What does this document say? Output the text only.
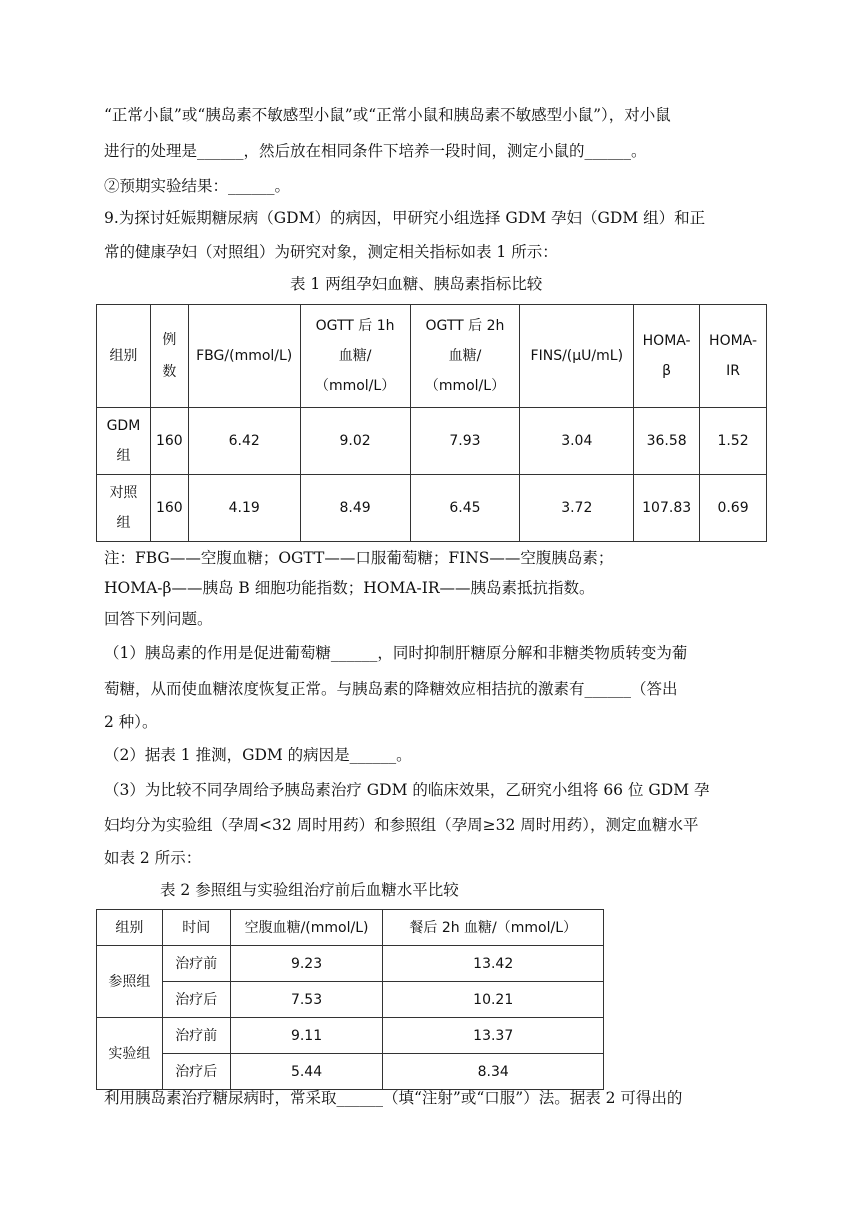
“正常小鼠”或“胰岛素不敏感型小鼠”或“正常小鼠和胰岛素不敏感型小鼠”），对小鼠
进行的处理是______，然后放在相同条件下培养一段时间，测定小鼠的______。
②预期实验结果：______。
9.为探讨妊娠期糖尿病（GDM）的病因，甲研究小组选择 GDM 孕妇（GDM 组）和正
常的健康孕妇（对照组）为研究对象，测定相关指标如表 1 所示：
表 1 两组孕妇血糖、胰岛素指标比较
组别	例数	FBG/(mmol/L)	OGTT 后 1h 血糖/（mmol/L）	OGTT 后 2h 血糖/（mmol/L）	FINS/(μU/mL)	HOMA-β	HOMA-IR
GDM 组	160	6.42	9.02	7.93	3.04	36.58	1.52
对照组	160	4.19	8.49	6.45	3.72	107.83	0.69
注：FBG——空腹血糖；OGTT——口服葡萄糖；FINS——空腹胰岛素；
HOMA-β——胰岛 B 细胞功能指数；HOMA-IR——胰岛素抵抗指数。
回答下列问题。
（1）胰岛素的作用是促进葡萄糖______，同时抑制肝糖原分解和非糖类物质转变为葡
萄糖，从而使血糖浓度恢复正常。与胰岛素的降糖效应相拮抗的激素有______（答出
2 种）。
（2）据表 1 推测，GDM 的病因是______。
（3）为比较不同孕周给予胰岛素治疗 GDM 的临床效果，乙研究小组将 66 位 GDM 孕
妇均分为实验组（孕周<32 周时用药）和参照组（孕周≥32 周时用药），测定血糖水平
如表 2 所示：
表 2 参照组与实验组治疗前后血糖水平比较
组别	时间	空腹血糖/(mmol/L)	餐后 2h 血糖/（mmol/L）
参照组	治疗前	9.23	13.42
	治疗后	7.53	10.21
实验组	治疗前	9.11	13.37
	治疗后	5.44	8.34
利用胰岛素治疗糖尿病时，常采取______（填“注射”或“口服”）法。据表 2 可得出的
